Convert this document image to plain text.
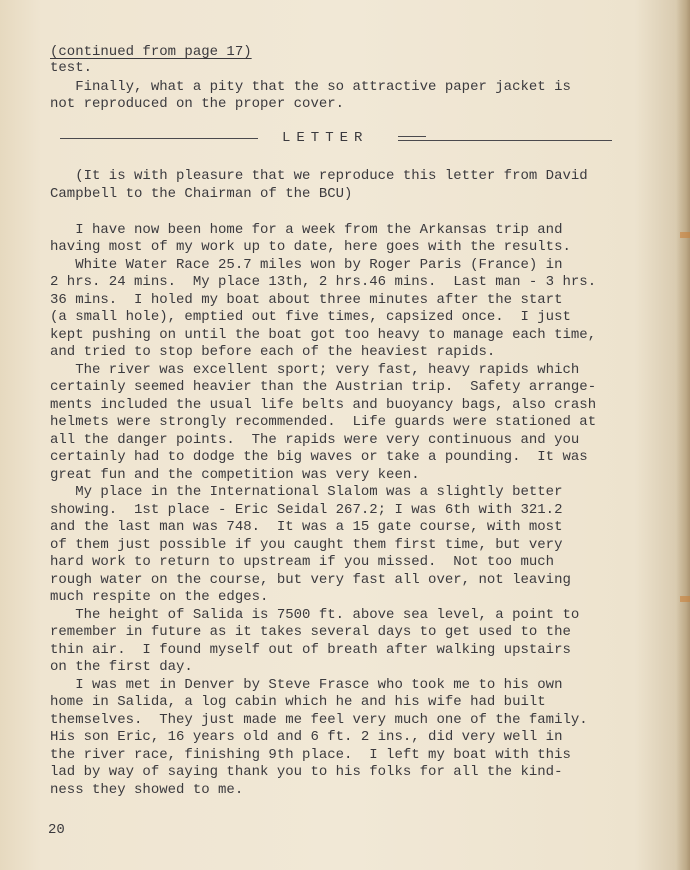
(continued from page 17)

test.

Finally, what a pity that the so attractive paper jacket is

not reproduced on the proper cover.

(It is with pleasure that we reproduce this letter from David

Campbell to the Chairman of the BCU)

I have now been home for a week from the Arkansas trip and

having most of my work up to date, here goes with the results.

White Water Race 25.7 miles won by Roger Paris (France) in

2 hrs. 24 mins.  My place 13th, 2 hrs.46 mins.  Last man - 3 hrs.

36 mins.  I holed my boat about three minutes after the start

(a small hole), emptied out five times, capsized once.  I just

kept pushing on until the boat got too heavy to manage each time,

and tried to stop before each of the heaviest rapids.

The river was excellent sport; very fast, heavy rapids which

certainly seemed heavier than the Austrian trip.  Safety arrange-

ments included the usual life belts and buoyancy bags, also crash

helmets were strongly recommended.  Life guards were stationed at

all the danger points.  The rapids were very continuous and you

certainly had to dodge the big waves or take a pounding.  It was

great fun and the competition was very keen.

My place in the International Slalom was a slightly better

showing.  1st place - Eric Seidal 267.2; I was 6th with 321.2

and the last man was 748.  It was a 15 gate course, with most

of them just possible if you caught them first time, but very

hard work to return to upstream if you missed.  Not too much

rough water on the course, but very fast all over, not leaving

much respite on the edges.

The height of Salida is 7500 ft. above sea level, a point to

remember in future as it takes several days to get used to the

thin air.  I found myself out of breath after walking upstairs

on the first day.

I was met in Denver by Steve Frasce who took me to his own

home in Salida, a log cabin which he and his wife had built

themselves.  They just made me feel very much one of the family.

His son Eric, 16 years old and 6 ft. 2 ins., did very well in

the river race, finishing 9th place.  I left my boat with this

lad by way of saying thank you to his folks for all the kind-

ness they showed to me.

LETTER
20
